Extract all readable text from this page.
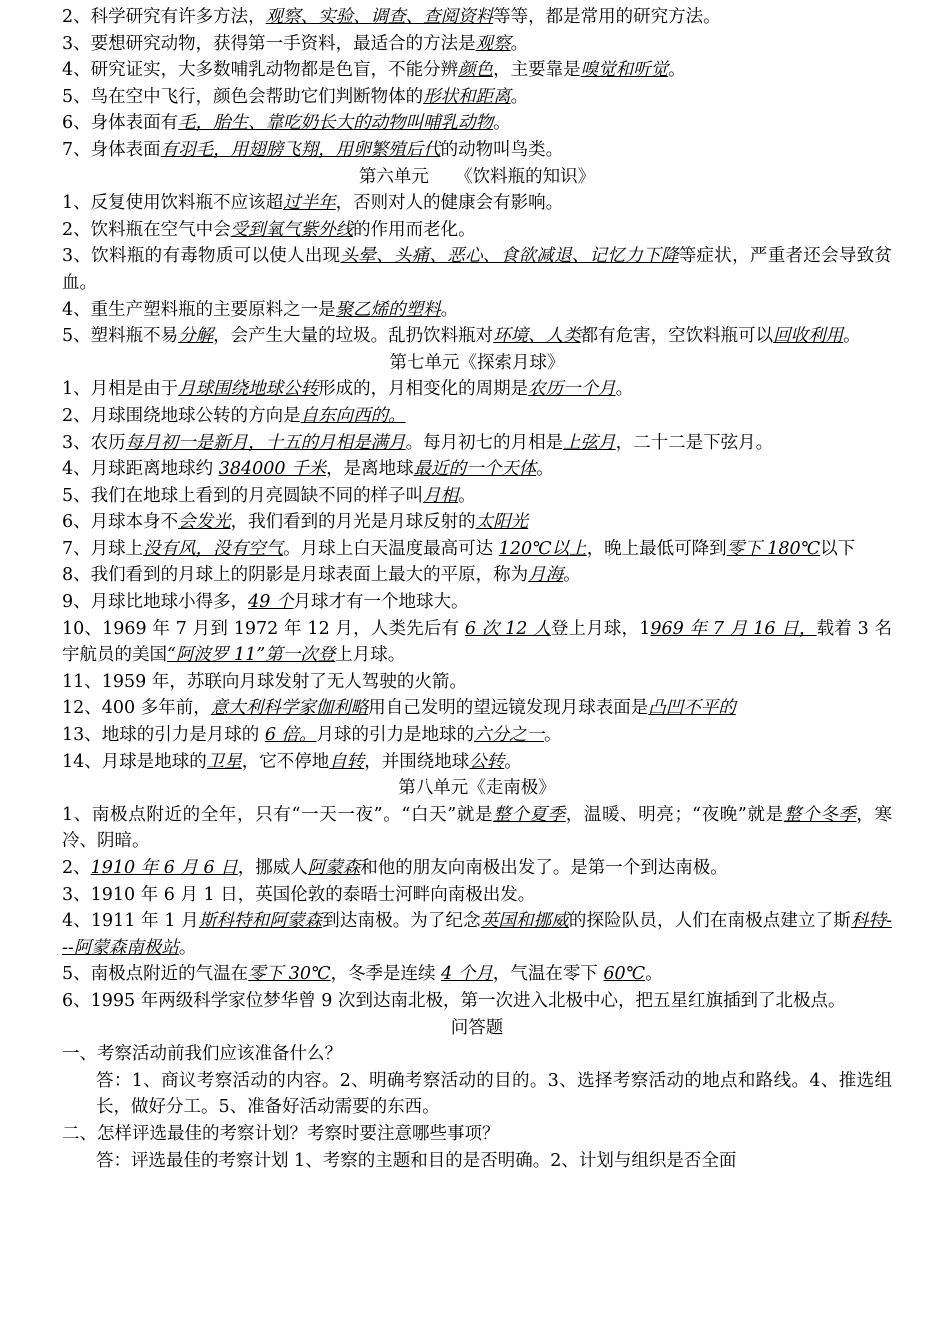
2、科学研究有许多方法，观察、实验、调查、查阅资料等等，都是常用的研究方法。
3、要想研究动物，获得第一手资料，最适合的方法是观察。
4、研究证实，大多数哺乳动物都是色盲，不能分辨颜色，主要靠是嗅觉和听觉。
5、鸟在空中飞行，颜色会帮助它们判断物体的形状和距离。
6、身体表面有毛，胎生、靠吃奶长大的动物叫哺乳动物。
7、身体表面有羽毛，用翅膀飞翔，用卵繁殖后代的动物叫鸟类。
第六单元　　《饮料瓶的知识》
1、反复使用饮料瓶不应该超过半年，否则对人的健康会有影响。
2、饮料瓶在空气中会受到氧气紫外线的作用而老化。
3、饮料瓶的有毒物质可以使人出现头晕、头痛、恶心、食欲减退、记忆力下降等症状，严重者还会导致贫血。
4、重生产塑料瓶的主要原料之一是聚乙烯的塑料。
5、塑料瓶不易分解，会产生大量的垃圾。乱扔饮料瓶对环境、人类都有危害，空饮料瓶可以回收利用。
第七单元《探索月球》
1、月相是由于月球围绕地球公转形成的，月相变化的周期是农历一个月。
2、月球围绕地球公转的方向是自东向西的。
3、农历每月初一是新月，十五的月相是满月。每月初七的月相是上弦月，二十二是下弦月。
4、月球距离地球约 384000 千米，是离地球最近的一个天体。
5、我们在地球上看到的月亮圆缺不同的样子叫月相。
6、月球本身不会发光，我们看到的月光是月球反射的太阳光
7、月球上没有风，没有空气。月球上白天温度最高可达 120℃以上，晚上最低可降到零下 180℃以下
8、我们看到的月球上的阴影是月球表面上最大的平原，称为月海。
9、月球比地球小得多，49 个月球才有一个地球大。
10、1969 年 7 月到 1972 年 12 月，人类先后有 6 次 12 人登上月球，1969 年 7 月 16 日，载着 3 名宇航员的美国“阿波罗 11”第一次登上月球。
11、1959 年，苏联向月球发射了无人驾驶的火箭。
12、400 多年前，意大利科学家伽利略用自己发明的望远镜发现月球表面是凸凹不平的
13、地球的引力是月球的 6 倍。月球的引力是地球的六分之一。
14、月球是地球的卫星，它不停地自转，并围绕地球公转。
第八单元《走南极》
1、南极点附近的全年，只有“一天一夜”。“白天”就是整个夏季，温暖、明亮；“夜晚”就是整个冬季，寒冷、阴暗。
2、1910 年 6 月 6 日，挪威人阿蒙森和他的朋友向南极出发了。是第一个到达南极。
3、1910 年 6 月 1 日，英国伦敦的泰晤士河畔向南极出发。
4、1911 年 1 月斯科特和阿蒙森到达南极。为了纪念英国和挪威的探险队员，人们在南极点建立了斯科特---阿蒙森南极站。
5、南极点附近的气温在零下 30℃，冬季是连续 4 个月，气温在零下 60℃。
6、1995 年两级科学家位梦华曾 9 次到达南北极，第一次进入北极中心，把五星红旗插到了北极点。
问答题
一、考察活动前我们应该准备什么？
答：1、商议考察活动的内容。2、明确考察活动的目的。3、选择考察活动的地点和路线。4、推选组长，做好分工。5、准备好活动需要的东西。
二、怎样评选最佳的考察计划？考察时要注意哪些事项？
答：评选最佳的考察计划 1、考察的主题和目的是否明确。2、计划与组织是否全面
